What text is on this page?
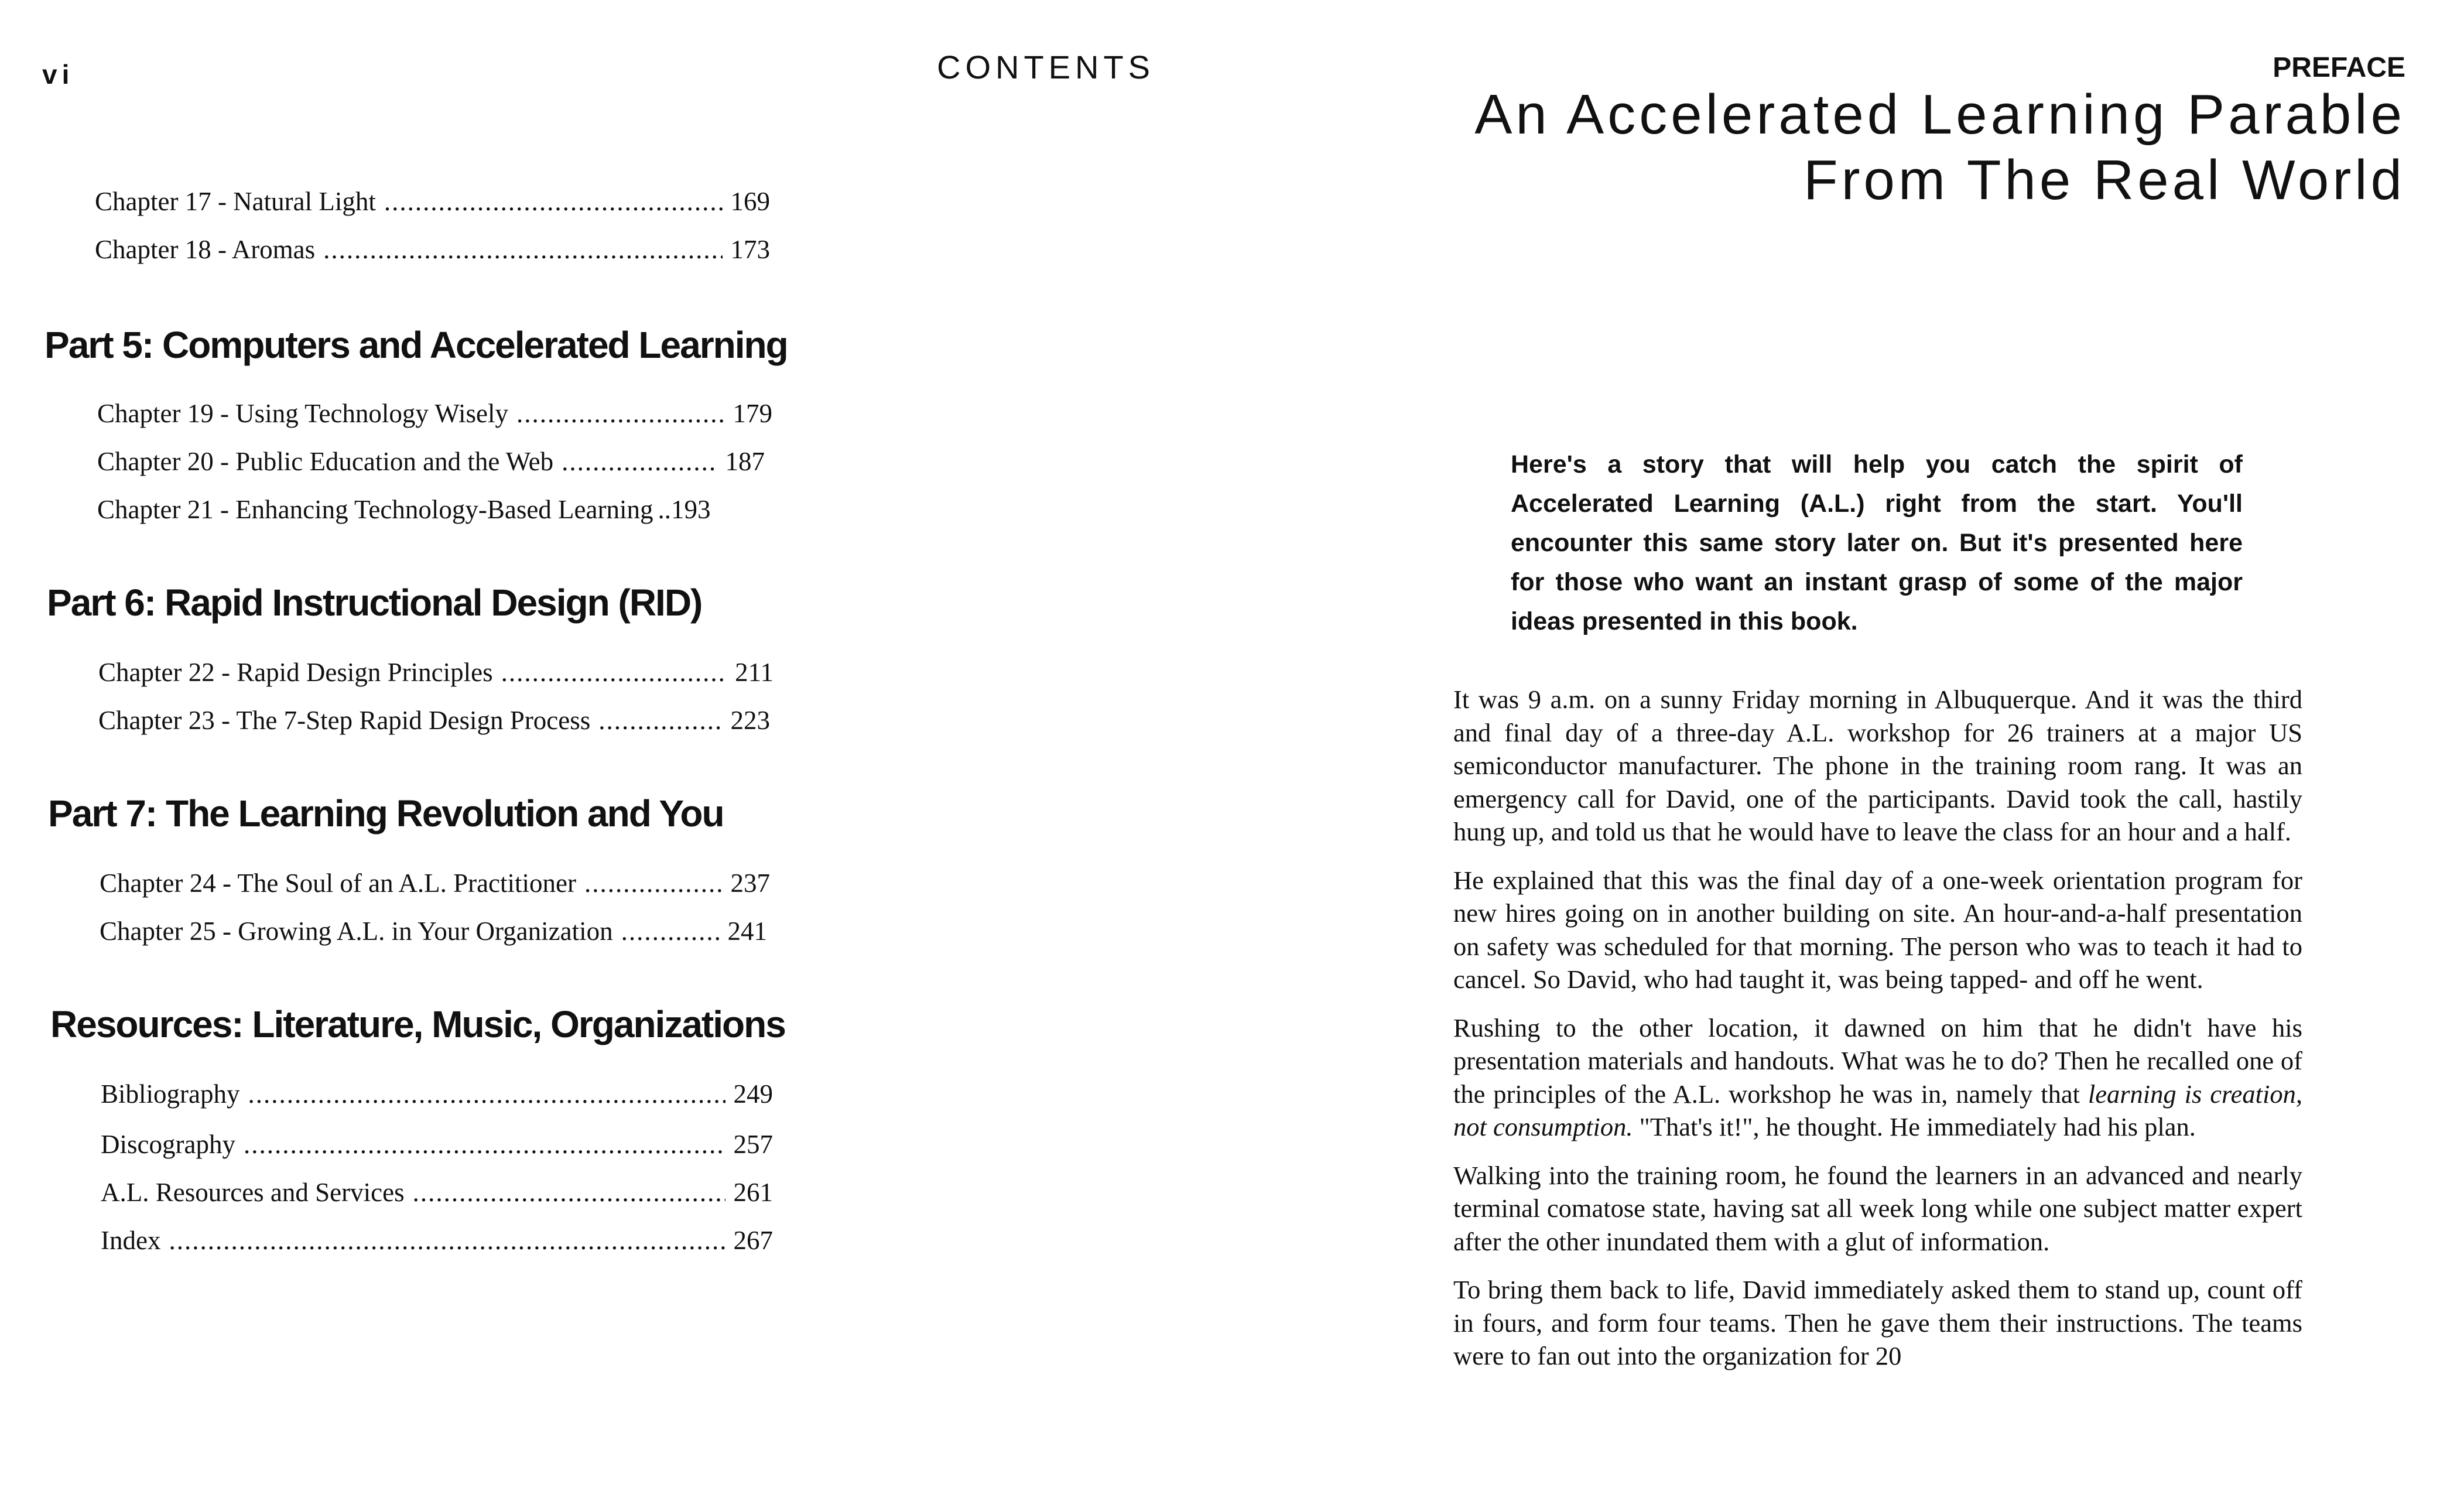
vi	CONTENTS
Chapter 17 - Natural Light .....	169
Chapter 18 - Aromas .....	173
Part 5: Computers and Accelerated Learning
Chapter 19 - Using Technology Wisely .....	179
Chapter 20 - Public Education and the Web .....	187
Chapter 21 - Enhancing Technology-Based Learning ..193
Part 6: Rapid Instructional Design (RID)
Chapter 22 - Rapid Design Principles .....	211
Chapter 23 - The 7-Step Rapid Design Process .....	223
Part 7: The Learning Revolution and You
Chapter 24 - The Soul of an A.L. Practitioner .....	237
Chapter 25 - Growing A.L. in Your Organization .....	241
Resources: Literature, Music, Organizations
Bibliography .....	249
Discography .....	257
A.L. Resources and Services .....	261
Index .....	267
PREFACE
An Accelerated Learning Parable
From The Real World
Here's a story that will help you catch the spirit of Accelerated Learning (A.L.) right from the start. You'll encounter this same story later on. But it's presented here for those who want an instant grasp of some of the major ideas presented in this book.

It was 9 a.m. on a sunny Friday morning in Albuquerque. And it was the third and final day of a three-day A.L. workshop for 26 trainers at a major US semiconductor manufacturer. The phone in the training room rang. It was an emergency call for David, one of the participants. David took the call, hastily hung up, and told us that he would have to leave the class for an hour and a half.

He explained that this was the final day of a one-week orientation program for new hires going on in another building on site. An hour-and-a-half presentation on safety was scheduled for that morning. The person who was to teach it had to cancel. So David, who had taught it, was being tapped- and off he went.

Rushing to the other location, it dawned on him that he didn't have his presentation materials and handouts. What was he to do? Then he recalled one of the principles of the A.L. workshop he was in, namely that learning is creation, not consumption. "That's it!", he thought. He immediately had his plan.

Walking into the training room, he found the learners in an advanced and nearly terminal comatose state, having sat all week long while one subject matter expert after the other inundated them with a glut of information.

To bring them back to life, David immediately asked them to stand up, count off in fours, and form four teams. Then he gave them their instructions. The teams were to fan out into the organization for 20
